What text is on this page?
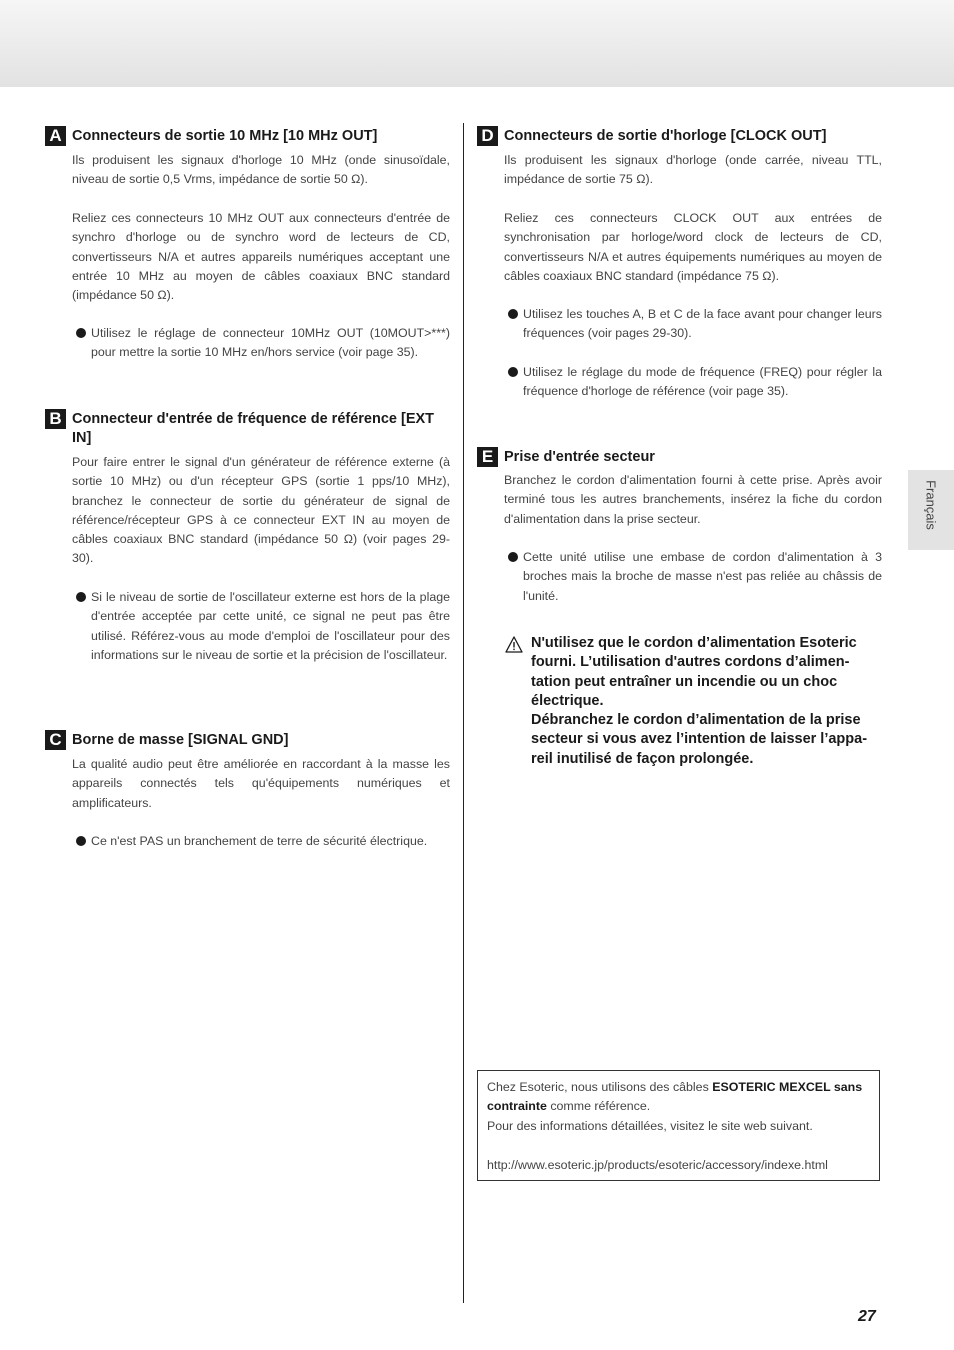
Français
A Connecteurs de sortie 10 MHz [10 MHz OUT]
Ils produisent les signaux d'horloge 10 MHz (onde sinusoïdale, niveau de sortie 0,5 Vrms, impédance de sortie 50 Ω).
Reliez ces connecteurs 10 MHz OUT aux connecteurs d'entrée de synchro d'horloge ou de synchro word de lecteurs de CD, convertisseurs N/A et autres appareils numériques acceptant une entrée 10 MHz au moyen de câbles coaxiaux BNC standard (impédance 50 Ω).
Utilisez le réglage de connecteur 10MHz OUT (10MOUT>***) pour mettre la sortie 10 MHz en/hors service (voir page 35).
B Connecteur d'entrée de fréquence de référence [EXT IN]
Pour faire entrer le signal d'un générateur de référence externe (à sortie 10 MHz) ou d'un récepteur GPS (sortie 1 pps/10 MHz), branchez le connecteur de sortie du générateur de signal de référence/récepteur GPS à ce connecteur EXT IN au moyen de câbles coaxiaux BNC standard (impédance 50 Ω) (voir pages 29-30).
Si le niveau de sortie de l'oscillateur externe est hors de la plage d'entrée acceptée par cette unité, ce signal ne peut pas être utilisé. Référez-vous au mode d'emploi de l'oscillateur pour des informations sur le niveau de sortie et la précision de l'oscillateur.
C Borne de masse [SIGNAL GND]
La qualité audio peut être améliorée en raccordant à la masse les appareils connectés tels qu'équipements numériques et amplificateurs.
Ce n'est PAS un branchement de terre de sécurité électrique.
D Connecteurs de sortie d'horloge [CLOCK OUT]
Ils produisent les signaux d'horloge (onde carrée, niveau TTL, impédance de sortie 75 Ω).
Reliez ces connecteurs CLOCK OUT aux entrées de synchronisation par horloge/word clock de lecteurs de CD, convertisseurs N/A et autres équipements numériques au moyen de câbles coaxiaux BNC standard (impédance 75 Ω).
Utilisez les touches A, B et C de la face avant pour changer leurs fréquences (voir pages 29-30).
Utilisez le réglage du mode de fréquence (FREQ) pour régler la fréquence d'horloge de référence (voir page 35).
E Prise d'entrée secteur
Branchez le cordon d'alimentation fourni à cette prise. Après avoir terminé tous les autres branchements, insérez la fiche du cordon d'alimentation dans la prise secteur.
Cette unité utilise une embase de cordon d'alimentation à 3 broches mais la broche de masse n'est pas reliée au châssis de l'unité.
N'utilisez que le cordon d’alimentation Esoteric fourni. L’utilisation d'autres cordons d’alimen-tation peut entraîner un incendie ou un choc électrique.
Débranchez le cordon d’alimentation de la prise secteur si vous avez l’intention de laisser l’appa-reil inutilisé de façon prolongée.
Chez Esoteric, nous utilisons des câbles ESOTERIC MEXCEL sans contrainte comme référence.
Pour des informations détaillées, visitez le site web suivant.

http://www.esoteric.jp/products/esoteric/accessory/indexe.html
27
